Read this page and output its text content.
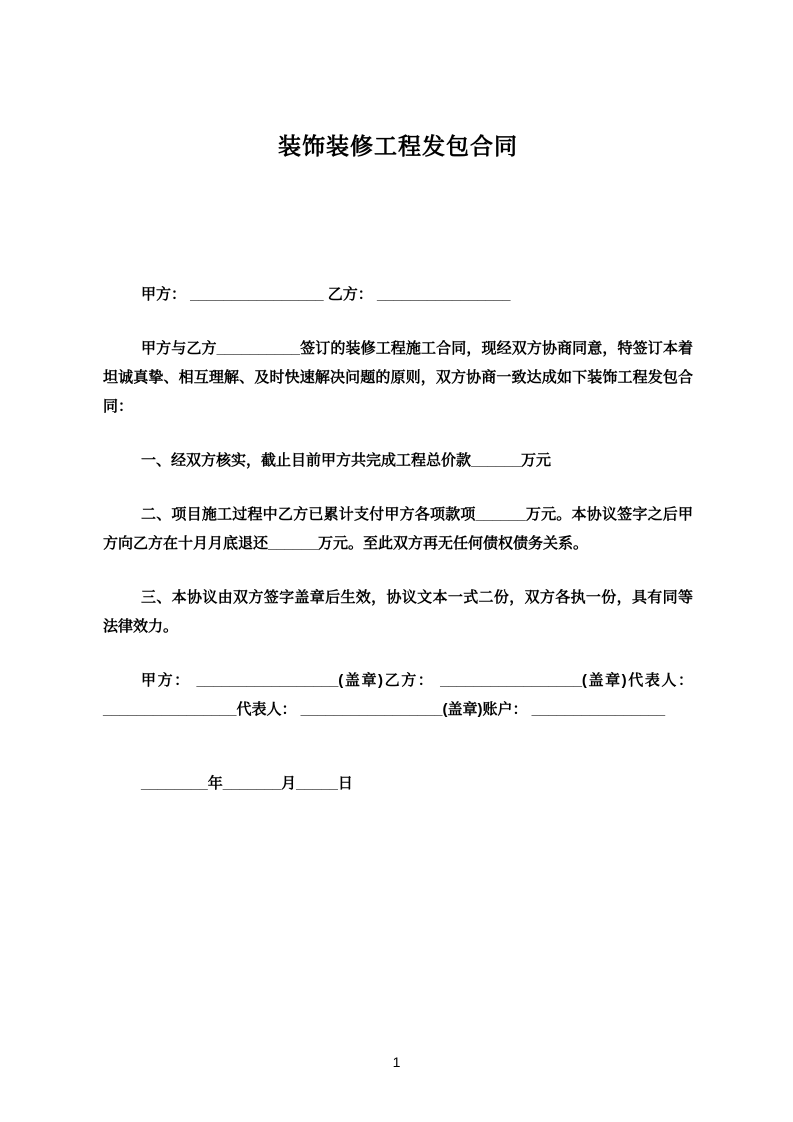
装饰装修工程发包合同

甲方： ________________ 乙方： ________________

甲方与乙方__________签订的装修工程施工合同，现经双方协商同意，特签订本着坦诚真挚、相互理解、及时快速解决问题的原则，双方协商一致达成如下装饰工程发包合同：

一、经双方核实，截止目前甲方共完成工程总价款______万元

二、项目施工过程中乙方已累计支付甲方各项款项______万元。本协议签字之后甲方向乙方在十月月底退还______万元。至此双方再无任何债权债务关系。

三、本协议由双方签字盖章后生效，协议文本一式二份，双方各执一份，具有同等法律效力。

甲方： _________________(盖章)乙方： _________________(盖章)代表人： ________________代表人： _________________(盖章)账户： ________________

________年_______月_____日

1
